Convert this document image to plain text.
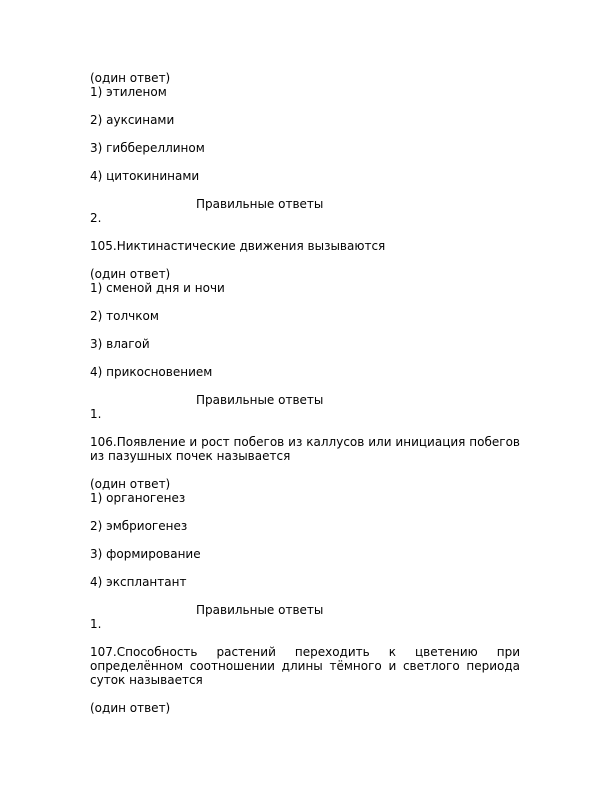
(один ответ)
1) этиленом
2) ауксинами
3) гиббереллином
4) цитокининами
Правильные ответы
2.
105.Никтинастические движения вызываются
(один ответ)
1) сменой дня и ночи
2) толчком
3) влагой
4) прикосновением
Правильные ответы
1.
106.Появление и рост побегов из каллусов или инициация побегов из пазушных почек называется
(один ответ)
1) органогенез
2) эмбриогенез
3) формирование
4) эксплантант
Правильные ответы
1.
107.Способность растений переходить к цветению при определённом соотношении длины тёмного и светлого периода суток называется
(один ответ)
